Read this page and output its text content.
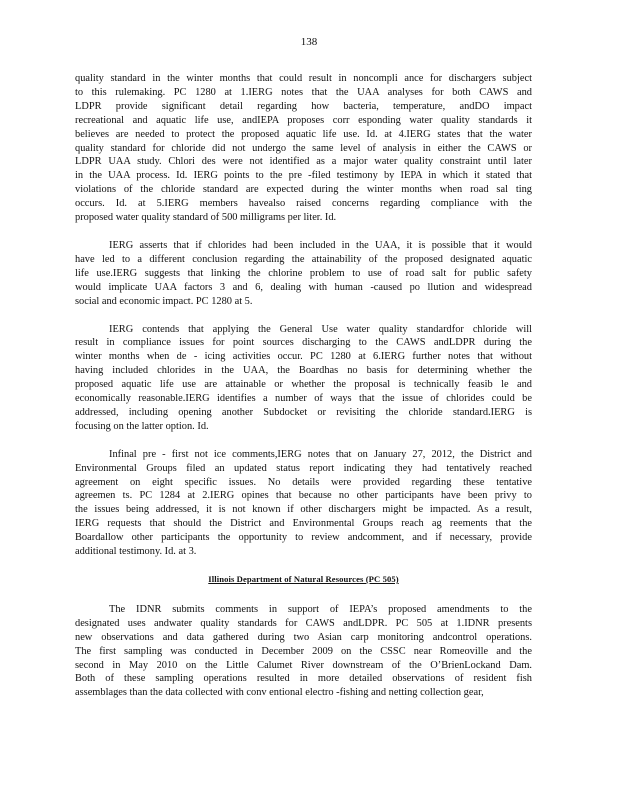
138
quality standard in the winter months that could result in noncompli ance for dischargers subject
to this rulemaking. PC 1280 at 1.IERG notes that the UAA analyses for both CAWS and
LDPR provide significant detail regarding how bacteria, temperature, andDO impact
recreational and aquatic life use, andIEPA proposes corr esponding water quality standards it
believes are needed to protect the proposed aquatic life use. Id. at 4.IERG states that the water
quality standard for chloride did not undergo the same level of analysis in either the CAWS or
LDPR UAA study. Chlori des were not identified as a major water quality constraint until later
in the UAA process. Id. IERG points to the pre -filed testimony by IEPA in which it stated that
violations of the chloride standard are expected during the winter months when road sal ting
occurs. Id. at 5.IERG members havealso raised concerns regarding compliance with the
proposed water quality standard of 500 milligrams per liter. Id.
IERG asserts that if chlorides had been included in the UAA, it is possible that it would
have led to a different conclusion regarding the attainability of the proposed designated aquatic
life use.IERG suggests that linking the chlorine problem to use of road salt for public safety
would implicate UAA factors 3 and 6, dealing with human -caused po llution and widespread
social and economic impact. PC 1280 at 5.
IERG contends that applying the General Use water quality standardfor chloride will
result in compliance issues for point sources discharging to the CAWS andLDPR during the
winter months when de - icing activities occur. PC 1280 at 6.IERG further notes that without
having included chlorides in the UAA, the Boardhas no basis for determining whether the
proposed aquatic life use are attainable or whether the proposal is technically feasib le and
economically reasonable.IERG identifies a number of ways that the issue of chlorides could be
addressed, including opening another Subdocket or revisiting the chloride standard.IERG is
focusing on the latter option. Id.
Infinal pre - first not ice comments,IERG notes that on January 27, 2012, the District and
Environmental Groups filed an updated status report indicating they had tentatively reached
agreement on eight specific issues. No details were provided regarding these tentative
agreemen ts. PC 1284 at 2.IERG opines that because no other participants have been privy to
the issues being addressed, it is not known if other dischargers might be impacted. As a result,
IERG requests that should the District and Environmental Groups reach ag reements that the
Boardallow other participants the opportunity to review andcomment, and if necessary, provide
additional testimony. Id. at 3.
Illinois Department of Natural Resources (PC 505)
The IDNR submits comments in support of IEPA’s proposed amendments to the
designated uses andwater quality standards for CAWS andLDPR. PC 505 at 1.IDNR presents
new observations and data gathered during two Asian carp monitoring andcontrol operations.
The first sampling was conducted in December 2009 on the CSSC near Romeoville and the
second in May 2010 on the Little Calumet River downstream of the O’BrienLockand Dam.
Both of these sampling operations resulted in more detailed observations of resident fish
assemblages than the data collected with conv entional electro -fishing and netting collection gear,
